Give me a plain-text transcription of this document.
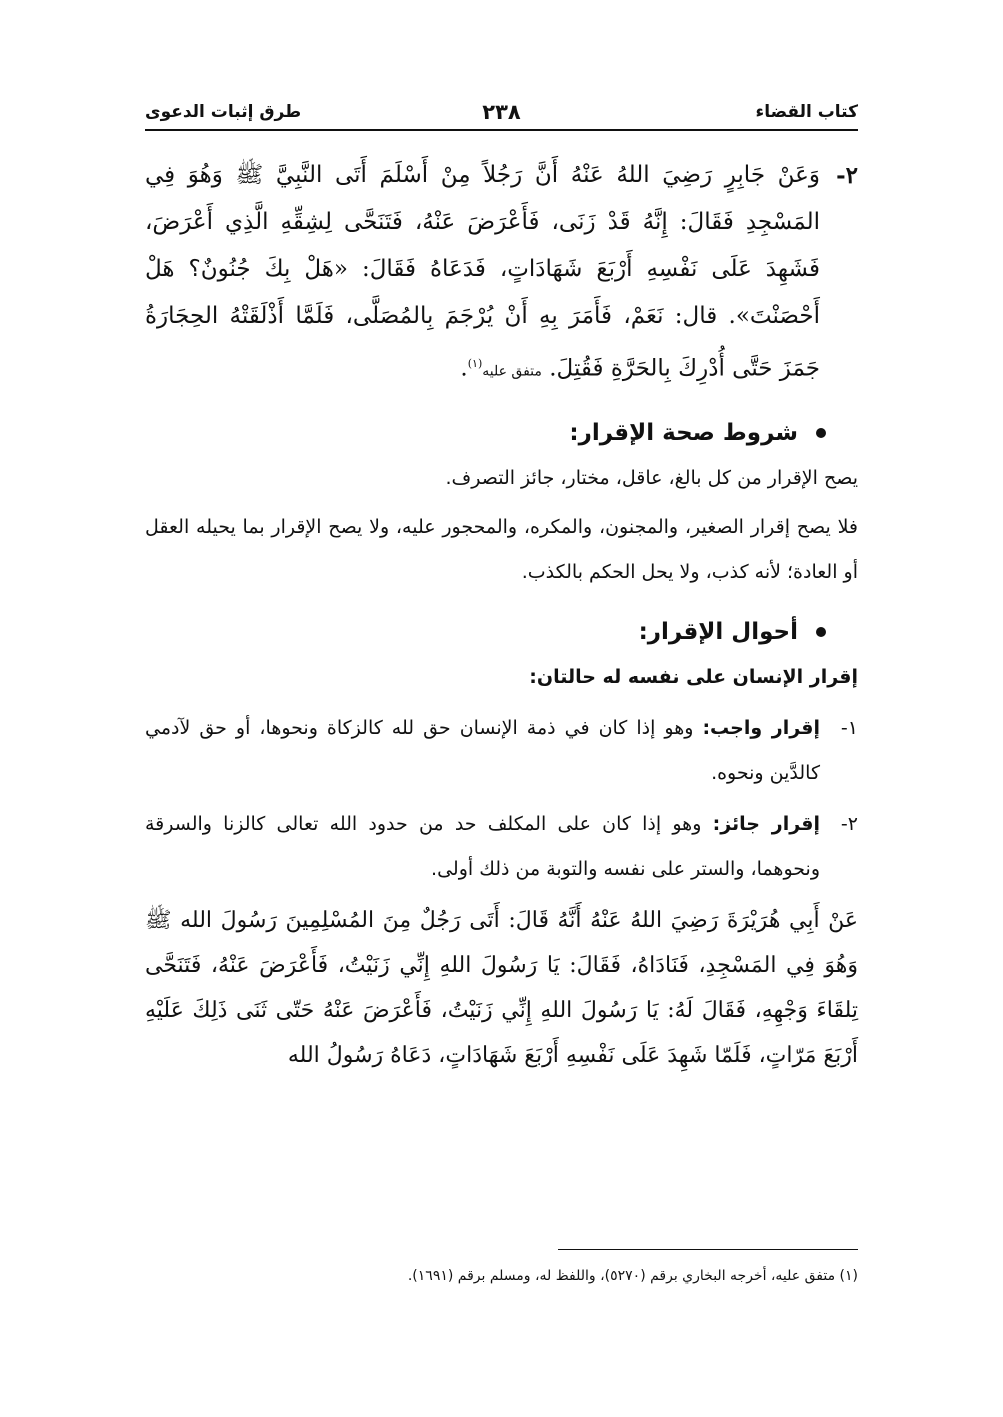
كتاب القضاء
٢٣٨
طرق إثبات الدعوى

٢-
وَعَنْ جَابِرٍ رَضِيَ اللهُ عَنْهُ أَنَّ رَجُلاً مِنْ أَسْلَمَ أَتَى النَّبِيَّ ﷺ وَهُوَ فِي المَسْجِدِ فَقَالَ: إِنَّهُ قَدْ زَنَى، فَأَعْرَضَ عَنْهُ، فَتَنَحَّى لِشِقِّهِ الَّذِي أَعْرَضَ، فَشَهِدَ عَلَى نَفْسِهِ أَرْبَعَ شَهَادَاتٍ، فَدَعَاهُ فَقَالَ: «هَلْ بِكَ جُنُونٌ؟ هَلْ أَحْصَنْتَ». قال: نَعَمْ، فَأَمَرَ بِهِ أَنْ يُرْجَمَ بِالمُصَلَّى، فَلَمَّا أَذْلَقَتْهُ الحِجَارَةُ جَمَزَ حَتَّى أُدْرِكَ بِالحَرَّةِ فَقُتِلَ. متفق عليه$^{(١)}$.

شروط صحة الإقرار:

يصح الإقرار من كل بالغ، عاقل، مختار، جائز التصرف.

فلا يصح إقرار الصغير، والمجنون، والمكره، والمحجور عليه، ولا يصح الإقرار بما يحيله العقل أو العادة؛ لأنه كذب، ولا يحل الحكم بالكذب.

أحوال الإقرار:

إقرار الإنسان على نفسه له حالتان:

١-
إقرار واجب: وهو إذا كان في ذمة الإنسان حق لله كالزكاة ونحوها، أو حق لآدمي كالدَّين ونحوه.

٢-
إقرار جائز: وهو إذا كان على المكلف حد من حدود الله تعالى كالزنا والسرقة ونحوهما، والستر على نفسه والتوبة من ذلك أولى.

عَنْ أَبِي هُرَيْرَةَ رَضِيَ اللهُ عَنْهُ أَنَّهُ قَالَ: أَتَى رَجُلٌ مِنَ المُسْلِمِينَ رَسُولَ الله ﷺ وَهُوَ فِي المَسْجِدِ، فَنَادَاهُ، فَقَالَ: يَا رَسُولَ اللهِ إِنِّي زَنَيْتُ، فَأَعْرَضَ عَنْهُ، فَتَنَحَّى تِلقَاءَ وَجْهِهِ، فَقَالَ لَهُ: يَا رَسُولَ اللهِ إِنِّي زَنَيْتُ، فَأَعْرَضَ عَنْهُ حَتّى ثَنَى ذَلِكَ عَلَيْهِ أَرْبَعَ مَرّاتٍ، فَلَمّا شَهِدَ عَلَى نَفْسِهِ أَرْبَعَ شَهَادَاتٍ، دَعَاهُ رَسُولُ الله

(١) متفق عليه، أخرجه البخاري برقم (٥٢٧٠)، واللفظ له، ومسلم برقم (١٦٩١).
